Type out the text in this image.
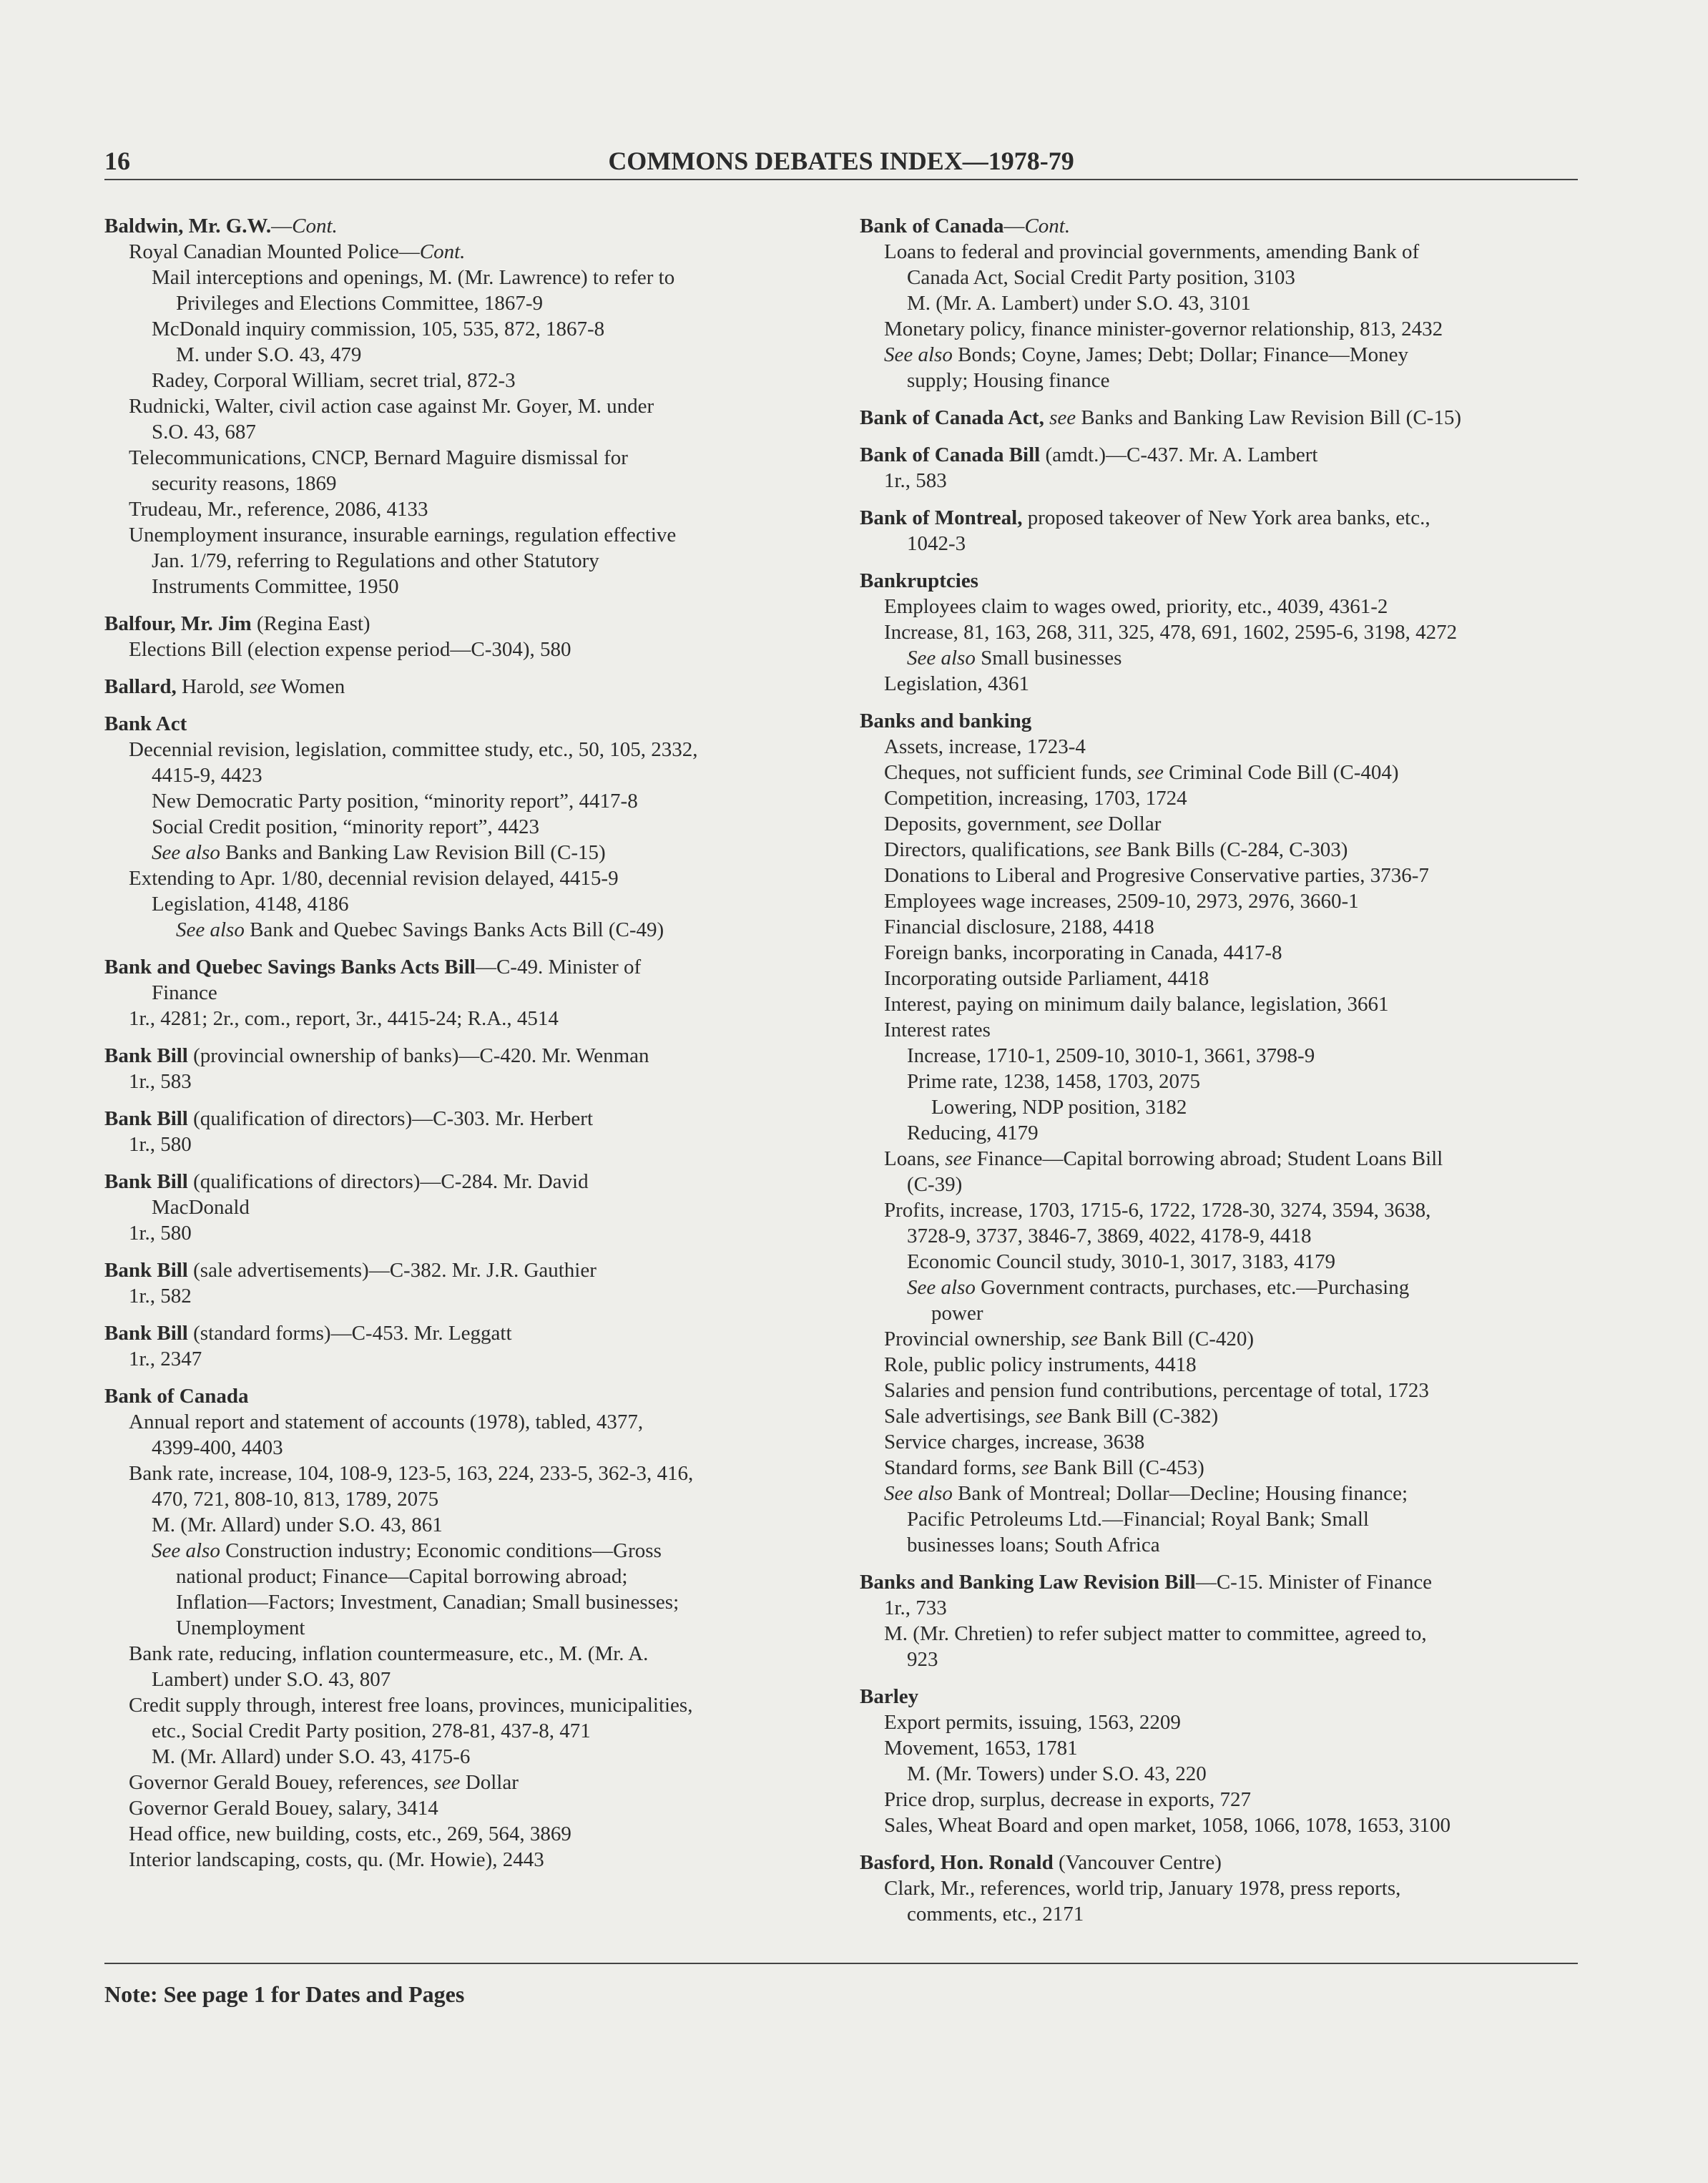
16	COMMONS DEBATES INDEX—1978-79
Baldwin, Mr. G.W.—Cont.
Royal Canadian Mounted Police—Cont.
Mail interceptions and openings, M. (Mr. Lawrence) to refer to
Privileges and Elections Committee, 1867-9
McDonald inquiry commission, 105, 535, 872, 1867-8
M. under S.O. 43, 479
Radey, Corporal William, secret trial, 872-3
Rudnicki, Walter, civil action case against Mr. Goyer, M. under
S.O. 43, 687
Telecommunications, CNCP, Bernard Maguire dismissal for
security reasons, 1869
Trudeau, Mr., reference, 2086, 4133
Unemployment insurance, insurable earnings, regulation effective
Jan. 1/79, referring to Regulations and other Statutory
Instruments Committee, 1950
Balfour, Mr. Jim (Regina East)
Elections Bill (election expense period—C-304), 580
Ballard, Harold, see Women
Bank Act
Decennial revision, legislation, committee study, etc., 50, 105, 2332,
4415-9, 4423
New Democratic Party position, “minority report”, 4417-8
Social Credit position, “minority report”, 4423
See also Banks and Banking Law Revision Bill (C-15)
Extending to Apr. 1/80, decennial revision delayed, 4415-9
Legislation, 4148, 4186
See also Bank and Quebec Savings Banks Acts Bill (C-49)
Bank and Quebec Savings Banks Acts Bill—C-49. Minister of
Finance
1r., 4281; 2r., com., report, 3r., 4415-24; R.A., 4514
Bank Bill (provincial ownership of banks)—C-420. Mr. Wenman
1r., 583
Bank Bill (qualification of directors)—C-303. Mr. Herbert
1r., 580
Bank Bill (qualifications of directors)—C-284. Mr. David
MacDonald
1r., 580
Bank Bill (sale advertisements)—C-382. Mr. J.R. Gauthier
1r., 582
Bank Bill (standard forms)—C-453. Mr. Leggatt
1r., 2347
Bank of Canada
Annual report and statement of accounts (1978), tabled, 4377,
4399-400, 4403
Bank rate, increase, 104, 108-9, 123-5, 163, 224, 233-5, 362-3, 416,
470, 721, 808-10, 813, 1789, 2075
M. (Mr. Allard) under S.O. 43, 861
See also Construction industry; Economic conditions—Gross
national product; Finance—Capital borrowing abroad;
Inflation—Factors; Investment, Canadian; Small businesses;
Unemployment
Bank rate, reducing, inflation countermeasure, etc., M. (Mr. A.
Lambert) under S.O. 43, 807
Credit supply through, interest free loans, provinces, municipalities,
etc., Social Credit Party position, 278-81, 437-8, 471
M. (Mr. Allard) under S.O. 43, 4175-6
Governor Gerald Bouey, references, see Dollar
Governor Gerald Bouey, salary, 3414
Head office, new building, costs, etc., 269, 564, 3869
Interior landscaping, costs, qu. (Mr. Howie), 2443
Bank of Canada—Cont.
Loans to federal and provincial governments, amending Bank of
Canada Act, Social Credit Party position, 3103
M. (Mr. A. Lambert) under S.O. 43, 3101
Monetary policy, finance minister-governor relationship, 813, 2432
See also Bonds; Coyne, James; Debt; Dollar; Finance—Money
supply; Housing finance
Bank of Canada Act, see Banks and Banking Law Revision Bill (C-15)
Bank of Canada Bill (amdt.)—C-437. Mr. A. Lambert
1r., 583
Bank of Montreal, proposed takeover of New York area banks, etc.,
1042-3
Bankruptcies
Employees claim to wages owed, priority, etc., 4039, 4361-2
Increase, 81, 163, 268, 311, 325, 478, 691, 1602, 2595-6, 3198, 4272
See also Small businesses
Legislation, 4361
Banks and banking
Assets, increase, 1723-4
Cheques, not sufficient funds, see Criminal Code Bill (C-404)
Competition, increasing, 1703, 1724
Deposits, government, see Dollar
Directors, qualifications, see Bank Bills (C-284, C-303)
Donations to Liberal and Progresive Conservative parties, 3736-7
Employees wage increases, 2509-10, 2973, 2976, 3660-1
Financial disclosure, 2188, 4418
Foreign banks, incorporating in Canada, 4417-8
Incorporating outside Parliament, 4418
Interest, paying on minimum daily balance, legislation, 3661
Interest rates
Increase, 1710-1, 2509-10, 3010-1, 3661, 3798-9
Prime rate, 1238, 1458, 1703, 2075
Lowering, NDP position, 3182
Reducing, 4179
Loans, see Finance—Capital borrowing abroad; Student Loans Bill
(C-39)
Profits, increase, 1703, 1715-6, 1722, 1728-30, 3274, 3594, 3638,
3728-9, 3737, 3846-7, 3869, 4022, 4178-9, 4418
Economic Council study, 3010-1, 3017, 3183, 4179
See also Government contracts, purchases, etc.—Purchasing
power
Provincial ownership, see Bank Bill (C-420)
Role, public policy instruments, 4418
Salaries and pension fund contributions, percentage of total, 1723
Sale advertisings, see Bank Bill (C-382)
Service charges, increase, 3638
Standard forms, see Bank Bill (C-453)
See also Bank of Montreal; Dollar—Decline; Housing finance;
Pacific Petroleums Ltd.—Financial; Royal Bank; Small
businesses loans; South Africa
Banks and Banking Law Revision Bill—C-15. Minister of Finance
1r., 733
M. (Mr. Chretien) to refer subject matter to committee, agreed to,
923
Barley
Export permits, issuing, 1563, 2209
Movement, 1653, 1781
M. (Mr. Towers) under S.O. 43, 220
Price drop, surplus, decrease in exports, 727
Sales, Wheat Board and open market, 1058, 1066, 1078, 1653, 3100
Basford, Hon. Ronald (Vancouver Centre)
Clark, Mr., references, world trip, January 1978, press reports,
comments, etc., 2171
Note: See page 1 for Dates and Pages
